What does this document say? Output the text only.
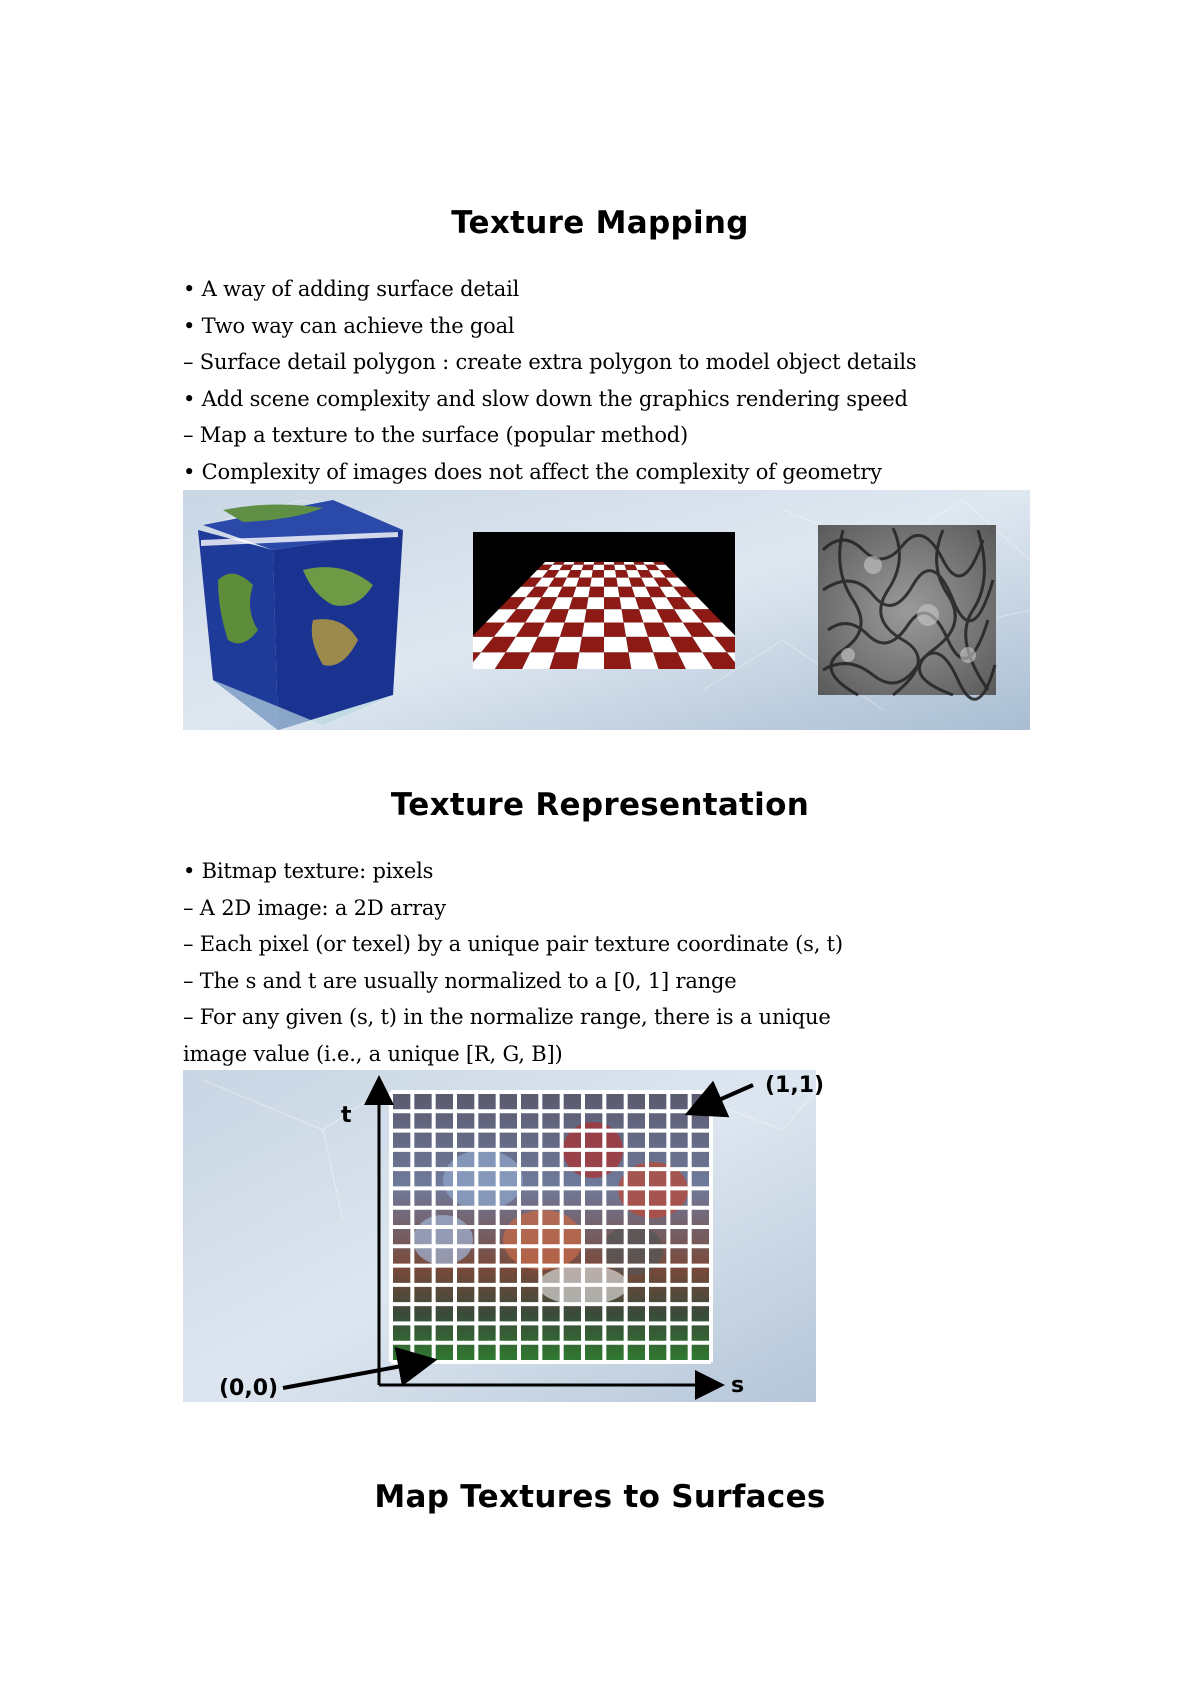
Texture Mapping
• A way of adding surface detail
• Two way can achieve the goal
– Surface detail polygon : create extra polygon to model object details
• Add scene complexity and slow down the graphics rendering speed
– Map a texture to the surface (popular method)
• Complexity of images does not affect the complexity of geometry
Texture Representation
• Bitmap texture: pixels
– A 2D image: a 2D array
– Each pixel (or texel) by a unique pair texture coordinate (s, t)
– The s and t are usually normalized to a [0, 1] range
– For any given (s, t) in the normalize range, there is a unique
image value (i.e., a unique [R, G, B])
t
s
(0,0)
(1,1)
Map Textures to Surfaces
